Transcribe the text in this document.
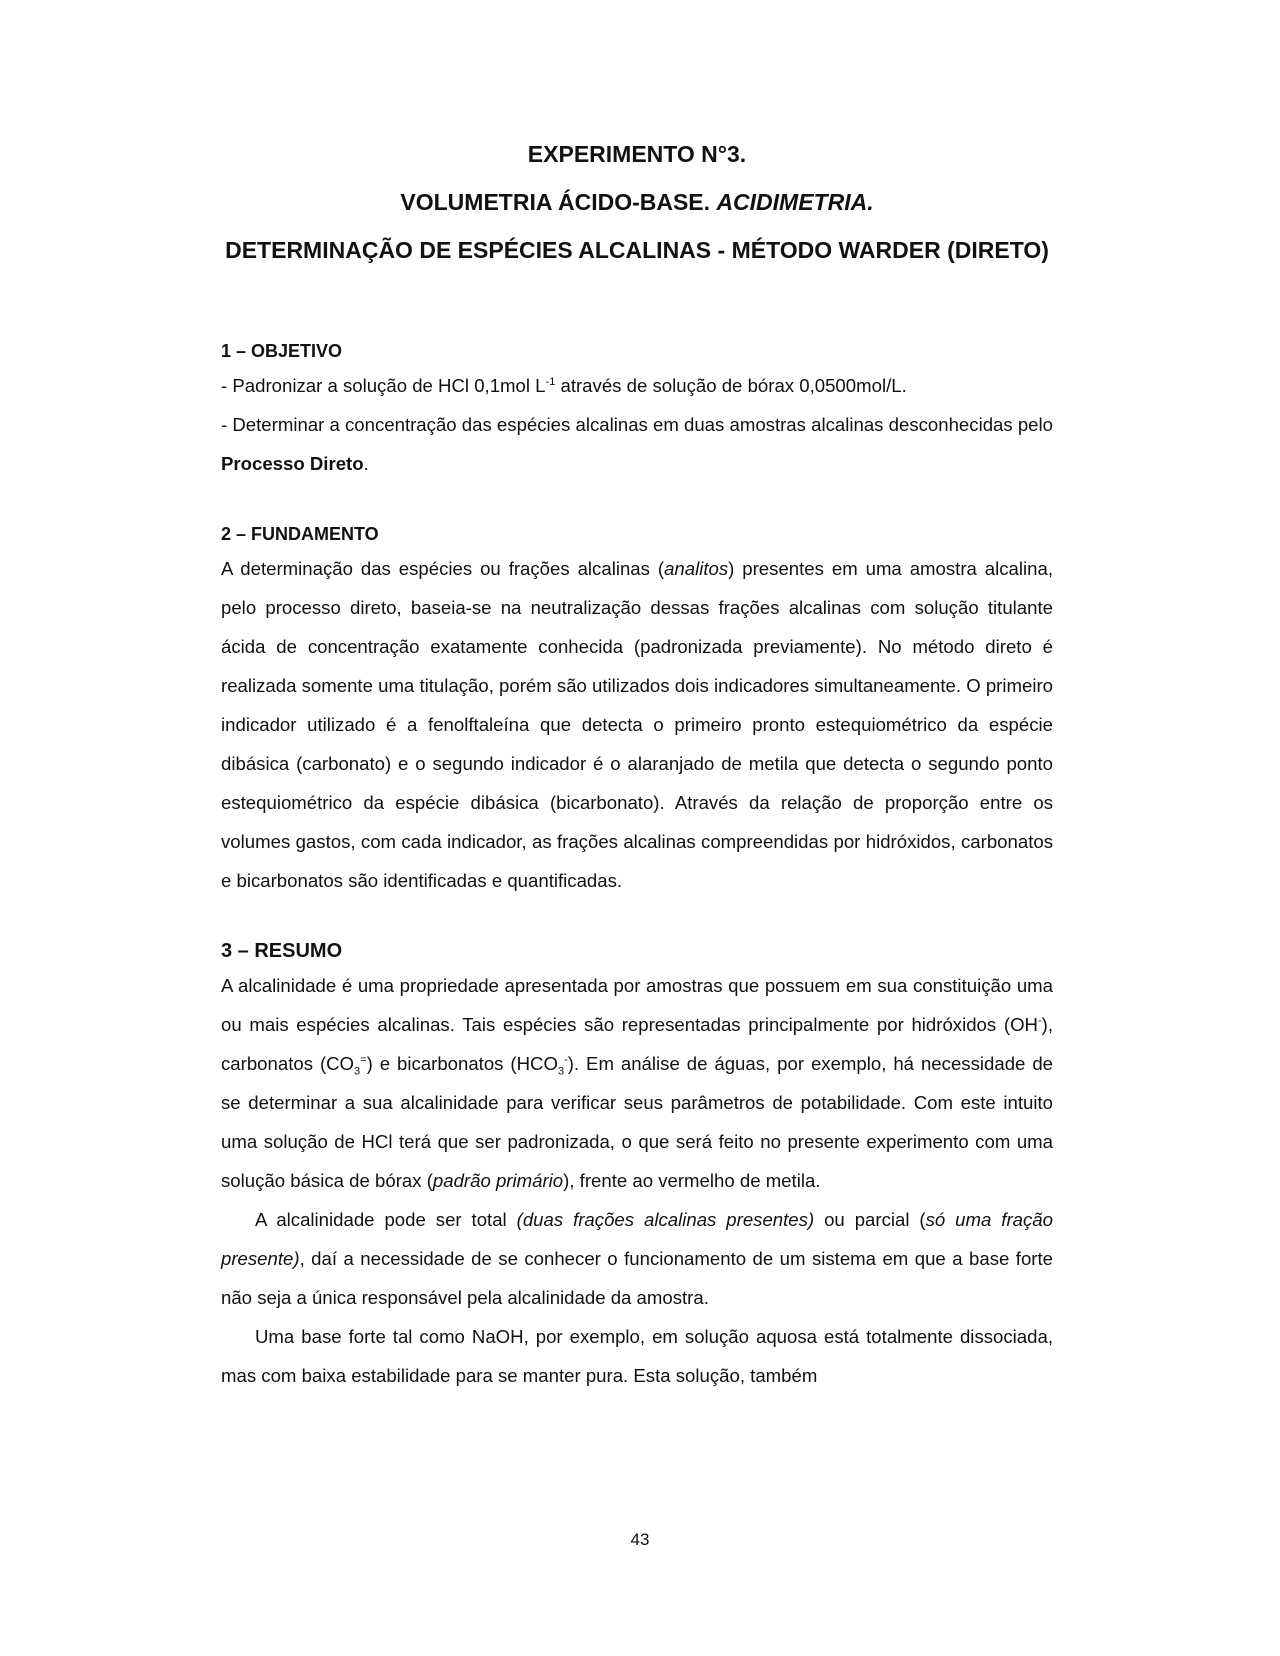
EXPERIMENTO N°3.

VOLUMETRIA ÁCIDO-BASE. ACIDIMETRIA.

DETERMINAÇÃO DE ESPÉCIES ALCALINAS - MÉTODO WARDER (DIRETO)

1 – OBJETIVO

- Padronizar a solução de HCl 0,1mol $L^{-1}$ através de solução de bórax 0,0500mol/L.

- Determinar a concentração das espécies alcalinas em duas amostras alcalinas desconhecidas pelo Processo Direto.

2 – FUNDAMENTO

A determinação das espécies ou frações alcalinas (analitos) presentes em uma amostra alcalina, pelo processo direto, baseia-se na neutralização dessas frações alcalinas com solução titulante ácida de concentração exatamente conhecida (padronizada previamente). No método direto é realizada somente uma titulação, porém são utilizados dois indicadores simultaneamente. O primeiro indicador utilizado é a fenolftaleína que detecta o primeiro pronto estequiométrico da espécie dibásica (carbonato) e o segundo indicador é o alaranjado de metila que detecta o segundo ponto estequiométrico da espécie dibásica (bicarbonato). Através da relação de proporção entre os volumes gastos, com cada indicador, as frações alcalinas compreendidas por hidróxidos, carbonatos e bicarbonatos são identificadas e quantificadas.

3 – RESUMO

A alcalinidade é uma propriedade apresentada por amostras que possuem em sua constituição uma ou mais espécies alcalinas. Tais espécies são representadas principalmente por hidróxidos (OH-), carbonatos $(CO_3^=)$ e bicarbonatos $(HCO_3^-)$. Em análise de águas, por exemplo, há necessidade de se determinar a sua alcalinidade para verificar seus parâmetros de potabilidade. Com este intuito uma solução de HCl terá que ser padronizada, o que será feito no presente experimento com uma solução básica de bórax (padrão primário), frente ao vermelho de metila.

A alcalinidade pode ser total (duas frações alcalinas presentes) ou parcial (só uma fração presente), daí a necessidade de se conhecer o funcionamento de um sistema em que a base forte não seja a única responsável pela alcalinidade da amostra.

Uma base forte tal como NaOH, por exemplo, em solução aquosa está totalmente dissociada, mas com baixa estabilidade para se manter pura. Esta solução, também

43
